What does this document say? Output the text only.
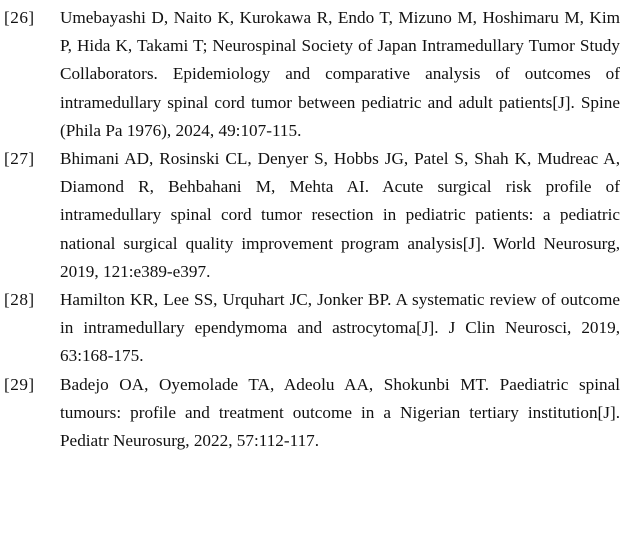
[26] Umebayashi D, Naito K, Kurokawa R, Endo T, Mizuno M, Hoshimaru M, Kim P, Hida K, Takami T; Neurospinal Society of Japan Intramedullary Tumor Study Collaborators. Epidemiology and comparative analysis of outcomes of intramedullary spinal cord tumor between pediatric and adult patients[J]. Spine (Phila Pa 1976), 2024, 49:107-115.
[27] Bhimani AD, Rosinski CL, Denyer S, Hobbs JG, Patel S, Shah K, Mudreac A, Diamond R, Behbahani M, Mehta AI. Acute surgical risk profile of intramedullary spinal cord tumor resection in pediatric patients: a pediatric national surgical quality improvement program analysis[J]. World Neurosurg, 2019, 121:e389-e397.
[28] Hamilton KR, Lee SS, Urquhart JC, Jonker BP. A systematic review of outcome in intramedullary ependymoma and astrocytoma[J]. J Clin Neurosci, 2019, 63:168-175.
[29] Badejo OA, Oyemolade TA, Adeolu AA, Shokunbi MT. Paediatric spinal tumours: profile and treatment outcome in a Nigerian tertiary institution[J]. Pediatr Neurosurg, 2022, 57:112-117.
